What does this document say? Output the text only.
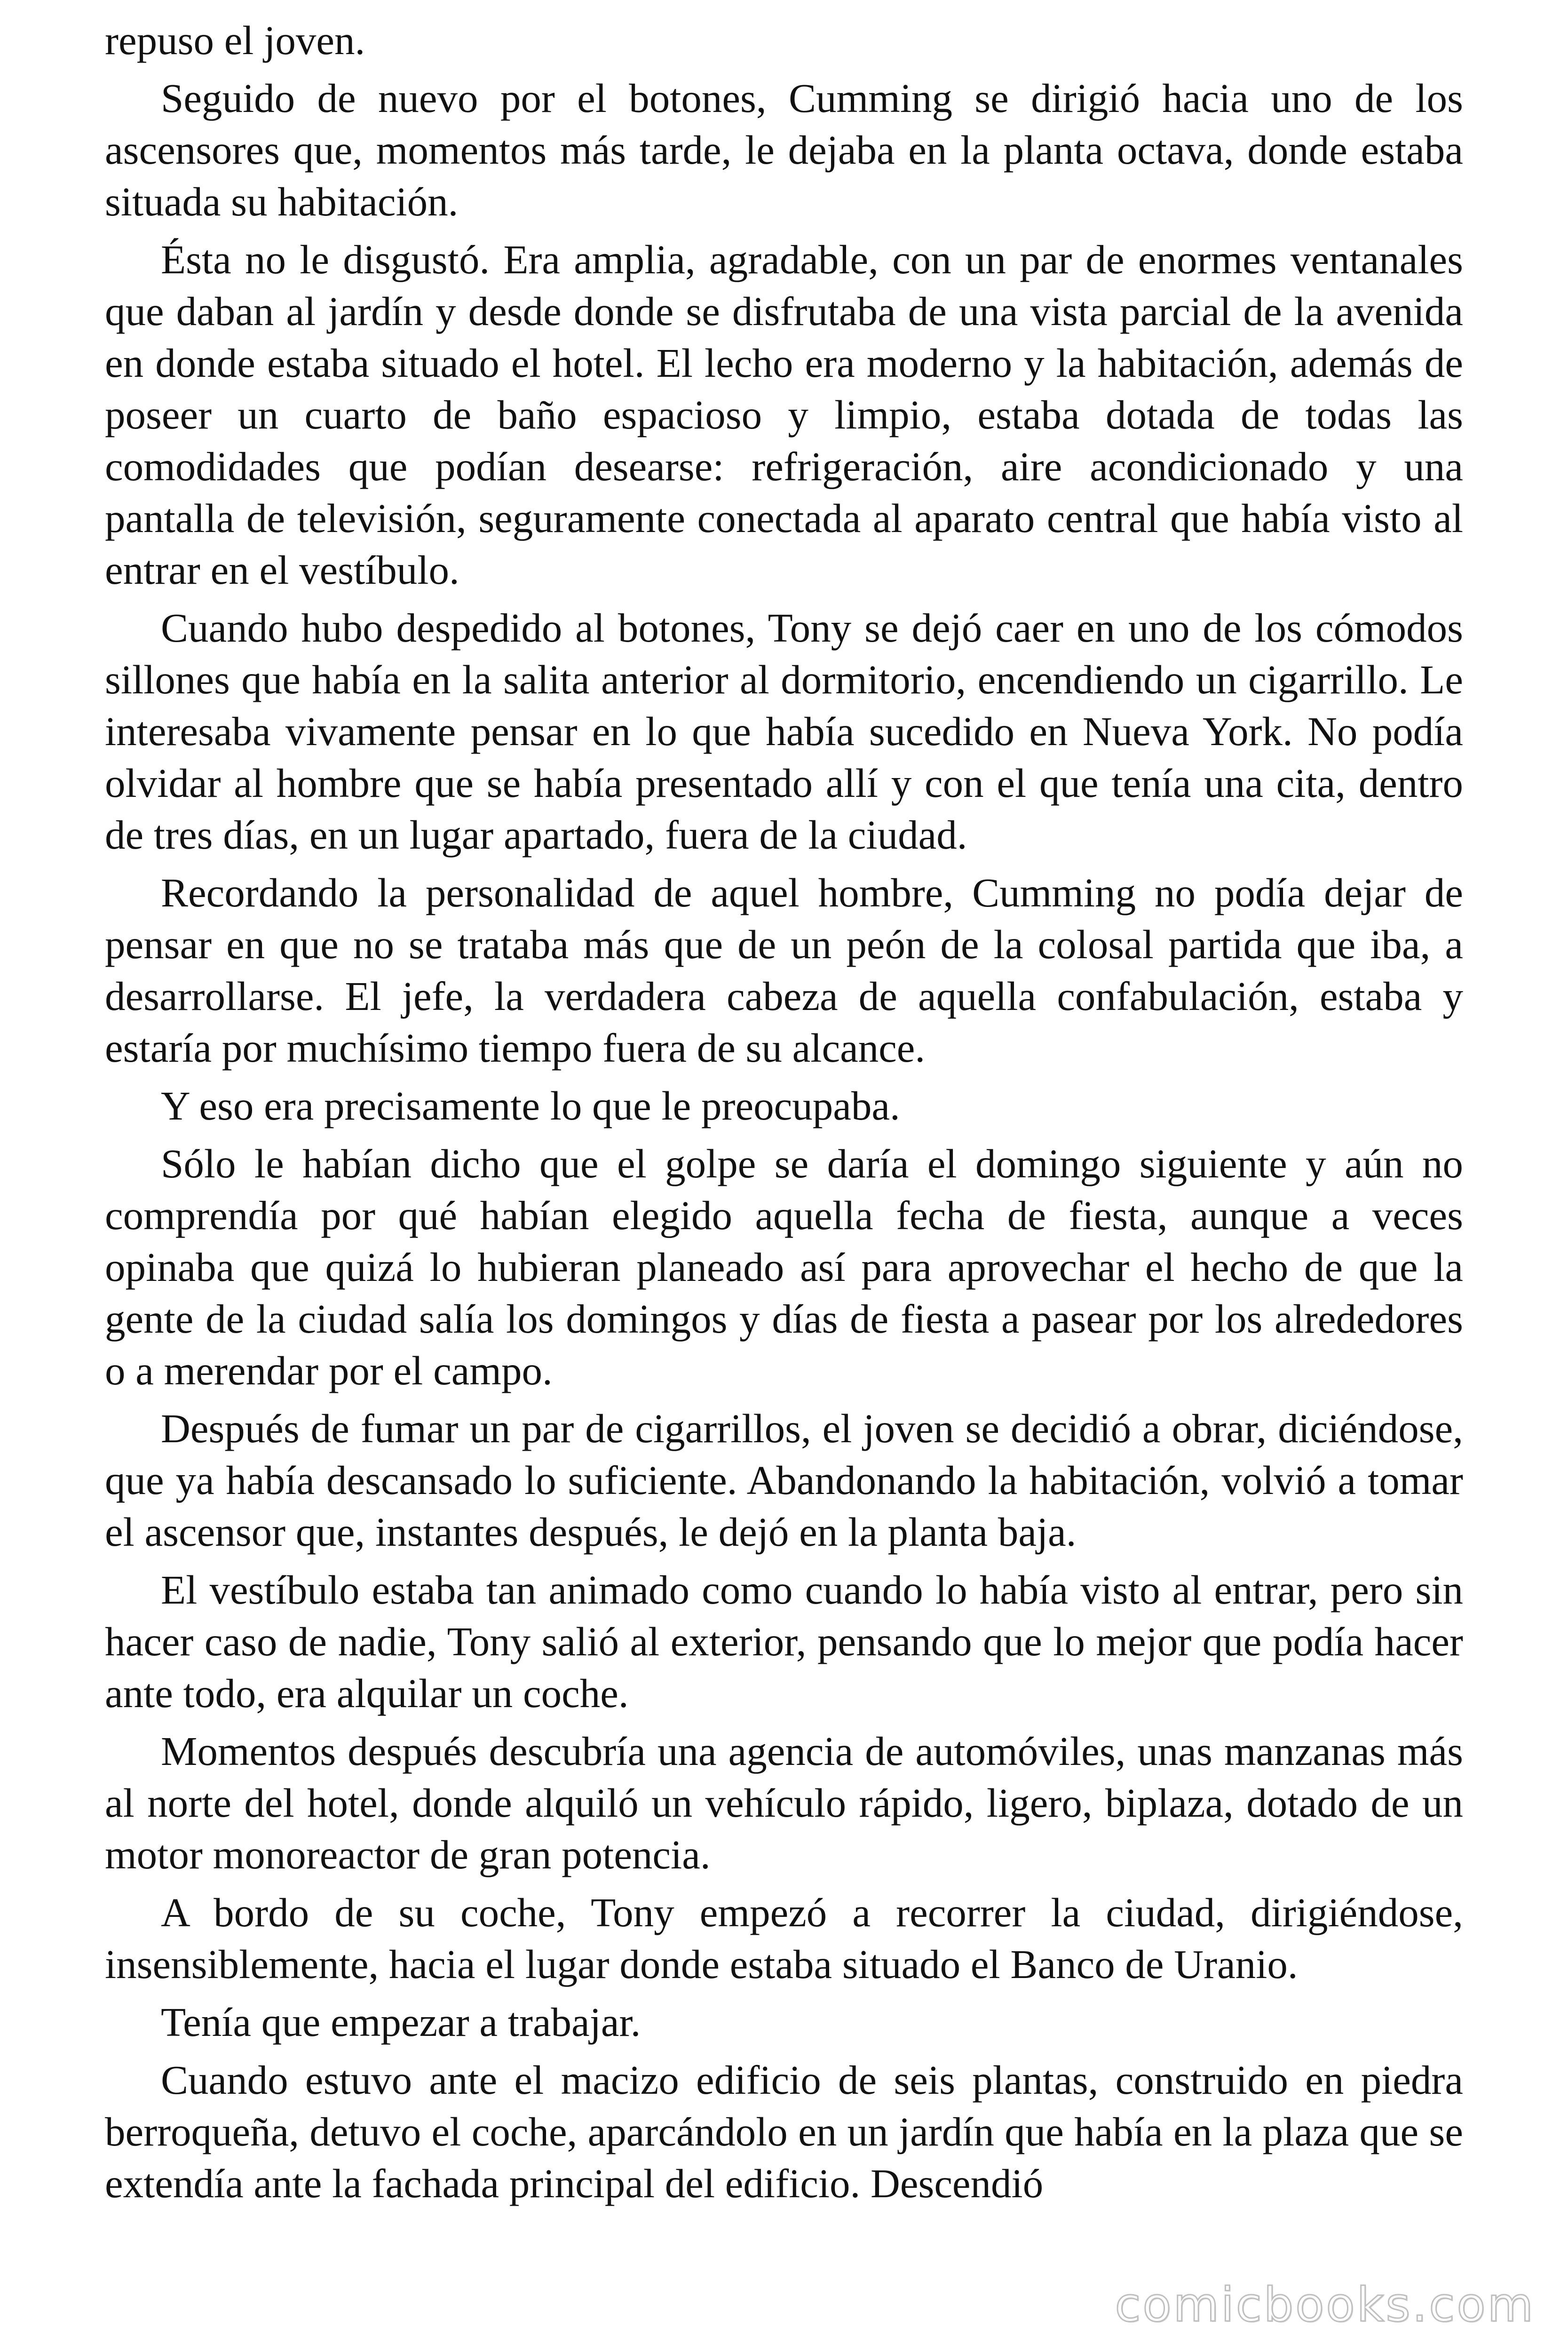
repuso el joven.

Seguido de nuevo por el botones, Cumming se dirigió hacia uno de los ascensores que, momentos más tarde, le dejaba en la planta octava, donde estaba situada su habitación.

Ésta no le disgustó. Era amplia, agradable, con un par de enormes ventanales que daban al jardín y desde donde se disfrutaba de una vista parcial de la avenida en donde estaba situado el hotel. El lecho era moderno y la habitación, además de poseer un cuarto de baño espacioso y limpio, estaba dotada de todas las comodidades que podían desearse: refrigeración, aire acondicionado y una pantalla de televisión, seguramente conectada al aparato central que había visto al entrar en el vestíbulo.

Cuando hubo despedido al botones, Tony se dejó caer en uno de los cómodos sillones que había en la salita anterior al dormitorio, encendiendo un cigarrillo. Le interesaba vivamente pensar en lo que había sucedido en Nueva York. No podía olvidar al hombre que se había presentado allí y con el que tenía una cita, dentro de tres días, en un lugar apartado, fuera de la ciudad.

Recordando la personalidad de aquel hombre, Cumming no podía dejar de pensar en que no se trataba más que de un peón de la colosal partida que iba, a desarrollarse. El jefe, la verdadera cabeza de aquella confabulación, estaba y estaría por muchísimo tiempo fuera de su alcance.

Y eso era precisamente lo que le preocupaba.

Sólo le habían dicho que el golpe se daría el domingo siguiente y aún no comprendía por qué habían elegido aquella fecha de fiesta, aunque a veces opinaba que quizá lo hubieran planeado así para aprovechar el hecho de que la gente de la ciudad salía los domingos y días de fiesta a pasear por los alrededores o a merendar por el campo.

Después de fumar un par de cigarrillos, el joven se decidió a obrar, diciéndose, que ya había descansado lo suficiente. Abandonando la habitación, volvió a tomar el ascensor que, instantes después, le dejó en la planta baja.

El vestíbulo estaba tan animado como cuando lo había visto al entrar, pero sin hacer caso de nadie, Tony salió al exterior, pensando que lo mejor que podía hacer ante todo, era alquilar un coche.

Momentos después descubría una agencia de automóviles, unas manzanas más al norte del hotel, donde alquiló un vehículo rápido, ligero, biplaza, dotado de un motor monoreactor de gran potencia.

A bordo de su coche, Tony empezó a recorrer la ciudad, dirigiéndose, insensiblemente, hacia el lugar donde estaba situado el Banco de Uranio.

Tenía que empezar a trabajar.

Cuando estuvo ante el macizo edificio de seis plantas, construido en piedra berroqueña, detuvo el coche, aparcándolo en un jardín que había en la plaza que se extendía ante la fachada principal del edificio. Descendió

comicbooks.com
